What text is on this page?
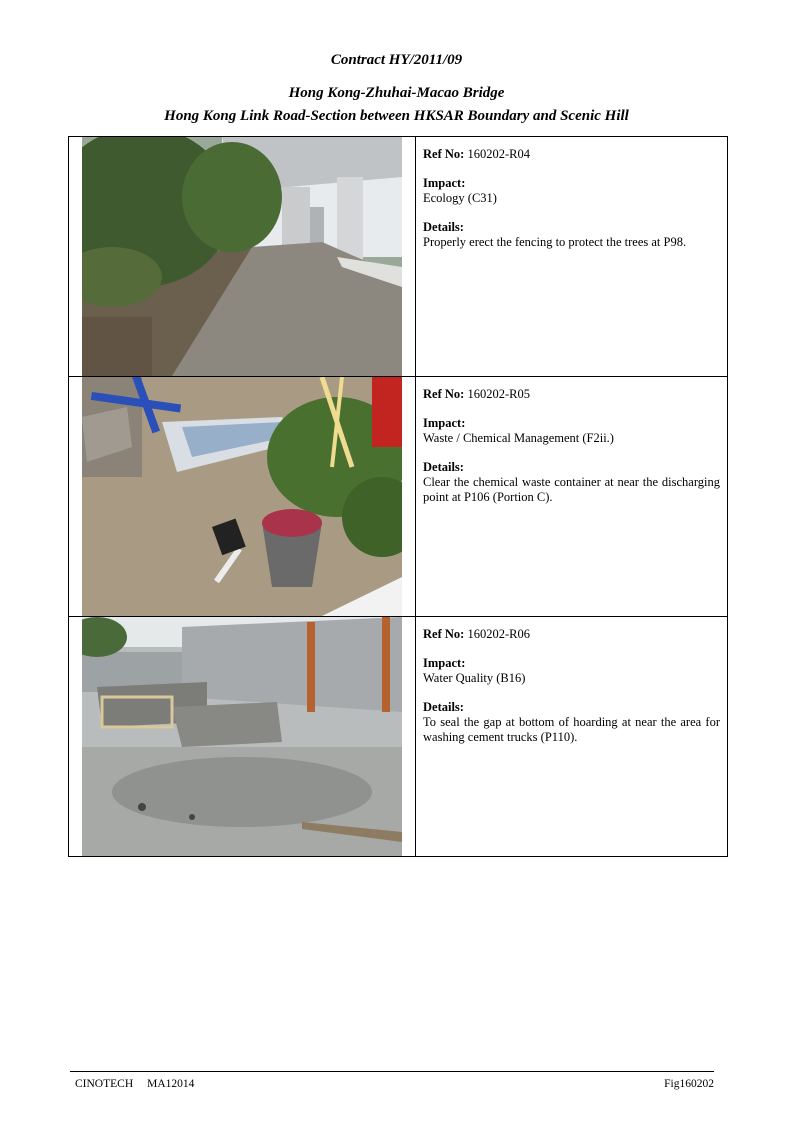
Contract HY/2011/09
Hong Kong-Zhuhai-Macao Bridge
Hong Kong Link Road-Section between HKSAR Boundary and Scenic Hill

Ref No: 160202-R04
Impact:
Ecology (C31)
Details:
Properly erect the fencing to protect the trees at P98.

Ref No: 160202-R05
Impact:
Waste / Chemical Management (F2ii.)
Details:
Clear the chemical waste container at near the discharging point at P106 (Portion C).

Ref No: 160202-R06
Impact:
Water Quality (B16)
Details:
To seal the gap at bottom of hoarding at near the area for washing cement trucks (P110).
CINOTECH MA12014	Fig160202
